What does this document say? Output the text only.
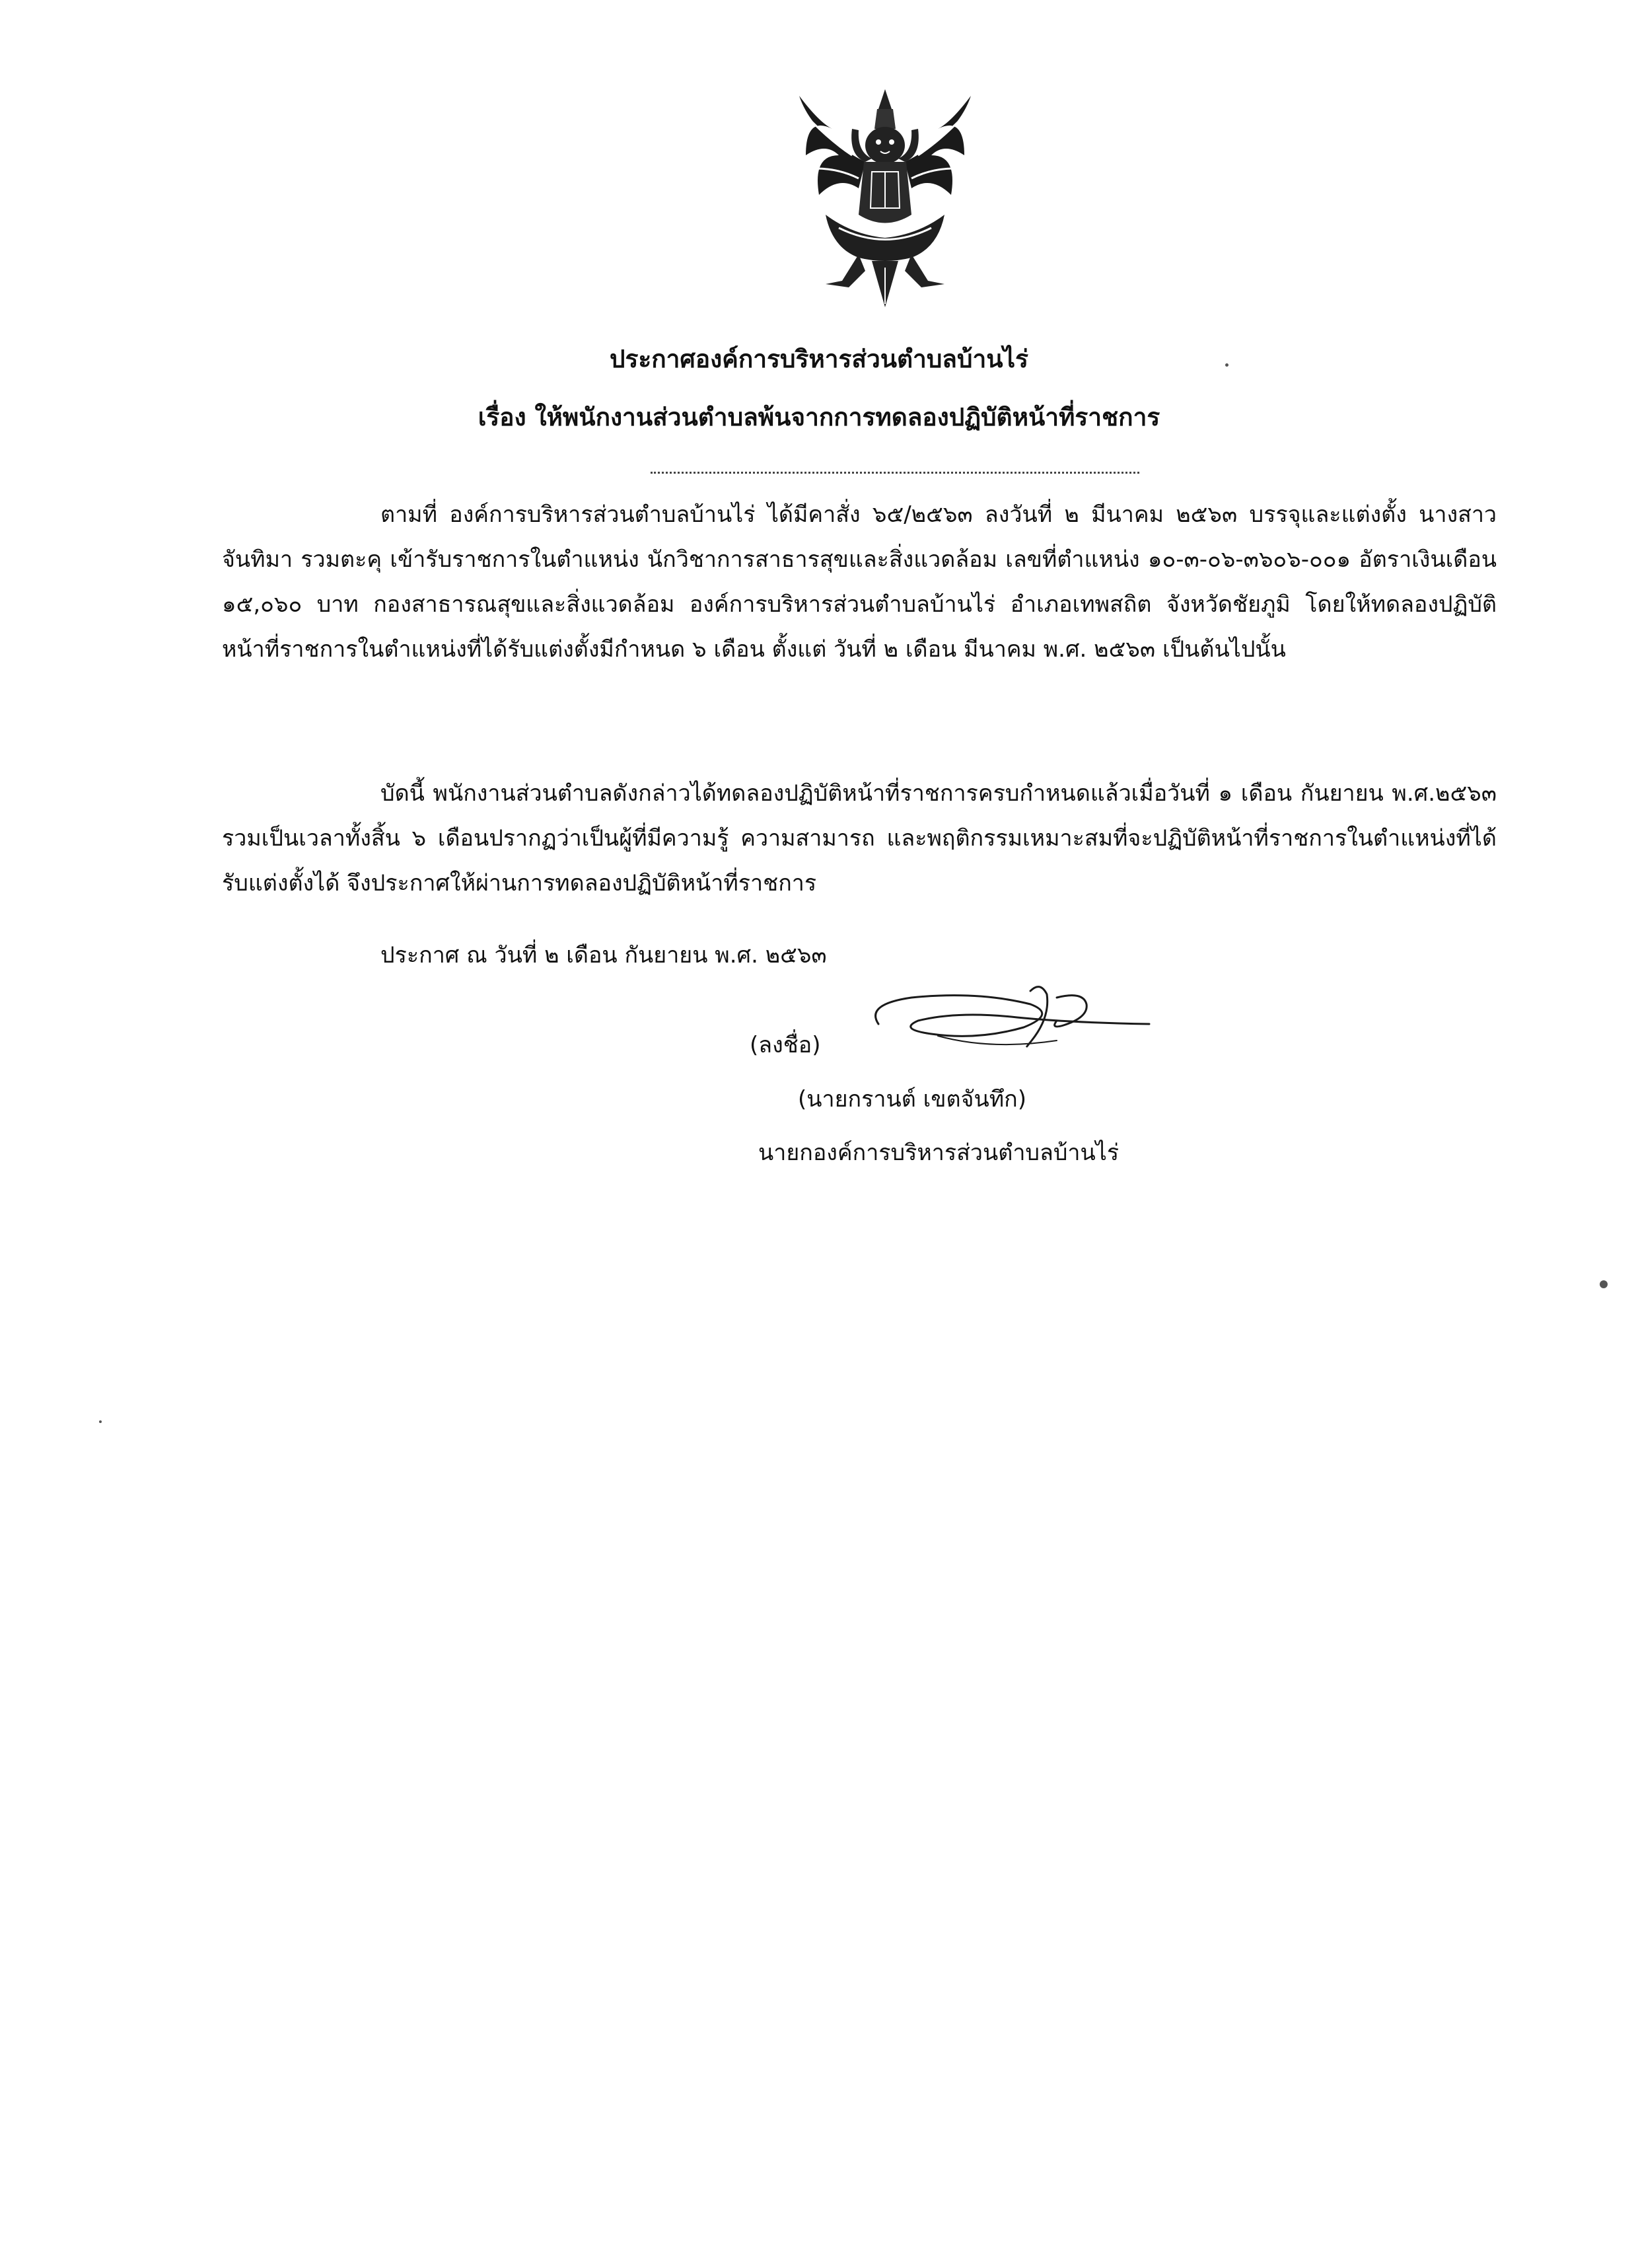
ประกาศองค์การบริหารส่วนตำบลบ้านไร่
เรื่อง ให้พนักงานส่วนตำบลพ้นจากการทดลองปฏิบัติหน้าที่ราชการ

ตามที่ องค์การบริหารส่วนตำบลบ้านไร่ ได้มีคาสั่ง ๖๕/๒๕๖๓ ลงวันที่ ๒ มีนาคม ๒๕๖๓ บรรจุและแต่งตั้ง นางสาวจันทิมา รวมตะคุ เข้ารับราชการในตำแหน่ง นักวิชาการสาธารสุขและสิ่งแวดล้อม เลขที่ตำแหน่ง ๑๐-๓-๐๖-๓๖๐๖-๐๐๑ อัตราเงินเดือน ๑๕,๐๖๐ บาท กองสาธารณสุขและสิ่งแวดล้อม องค์การบริหารส่วนตำบลบ้านไร่ อำเภอเทพสถิต จังหวัดชัยภูมิ โดยให้ทดลองปฏิบัติหน้าที่ราชการในตำแหน่งที่ได้รับแต่งตั้งมีกำหนด ๖ เดือน ตั้งแต่ วันที่ ๒ เดือน มีนาคม พ.ศ. ๒๕๖๓ เป็นต้นไปนั้น

บัดนี้ พนักงานส่วนตำบลดังกล่าวได้ทดลองปฏิบัติหน้าที่ราชการครบกำหนดแล้วเมื่อวันที่ ๑ เดือน กันยายน พ.ศ.๒๕๖๓ รวมเป็นเวลาทั้งสิ้น ๖ เดือนปรากฏว่าเป็นผู้ที่มีความรู้ ความสามารถ และพฤติกรรมเหมาะสมที่จะปฏิบัติหน้าที่ราชการในตำแหน่งที่ได้รับแต่งตั้งได้ จึงประกาศให้ผ่านการทดลองปฏิบัติหน้าที่ราชการ

ประกาศ ณ วันที่ ๒ เดือน กันยายน พ.ศ. ๒๕๖๓
(ลงชื่อ)
(นายกรานต์ เขตจันทึก)
นายกองค์การบริหารส่วนตำบลบ้านไร่
